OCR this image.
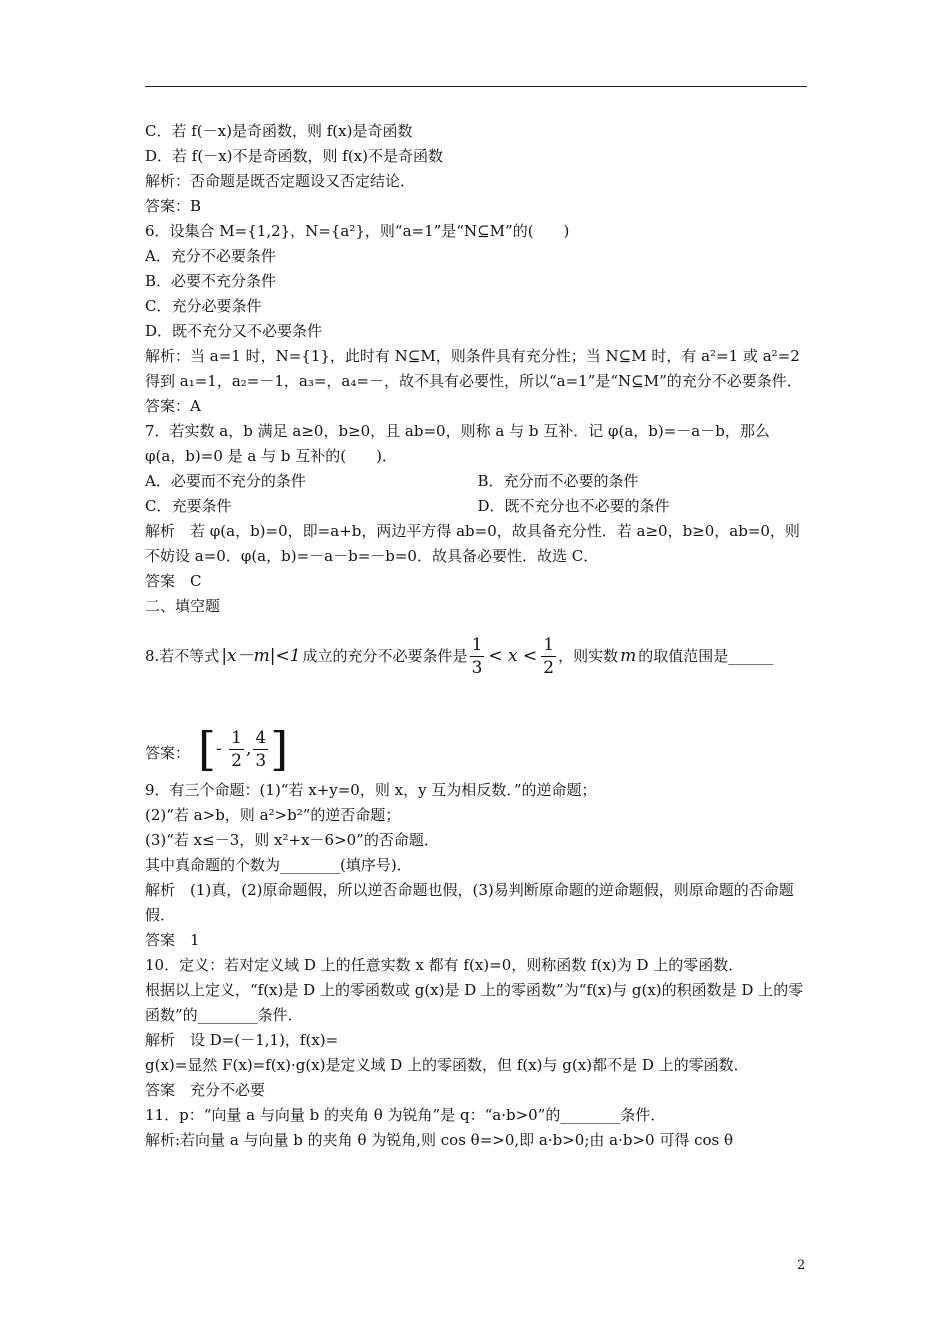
C．若 f(－x)是奇函数，则 f(x)是奇函数
D．若 f(－x)不是奇函数，则 f(x)不是奇函数
解析：否命题是既否定题设又否定结论．
答案：B
6．设集合 M={1,2}，N={a²}，则“a=1”是“N⊆M”的(　　)
A．充分不必要条件
B．必要不充分条件
C．充分必要条件
D．既不充分又不必要条件
解析：当 a=1 时，N={1}，此时有 N⊆M，则条件具有充分性；当 N⊆M 时，有 a²=1 或 a²=2 得到 a₁=1，a₂=－1，a₃=，a₄=－，故不具有必要性，所以“a=1”是“N⊆M”的充分不必要条件．
答案：A
7．若实数 a，b 满足 a≥0，b≥0，且 ab=0，则称 a 与 b 互补．记 φ(a，b)=－a－b，那么 φ(a，b)=0 是 a 与 b 互补的(　　)．
A．必要而不充分的条件	B．充分而不必要的条件
C．充要条件	D．既不充分也不必要的条件
解析　若 φ(a，b)=0，即=a+b，两边平方得 ab=0，故具备充分性．若 a≥0，b≥0，ab=0，则不妨设 a=0．φ(a，b)=－a－b=－b=0．故具备必要性．故选 C．
答案　C
二、填空题
8.若不等式 |x－m|<1 成立的充分不必要条件是 $\frac{1}{3} < x < \frac{1}{2}$ ，则实数 m 的取值范围是______
答案： [ - $\frac{1}{2}$ , $\frac{4}{3}$ ]
9．有三个命题：(1)“若 x+y=0，则 x，y 互为相反数．”的逆命题；
(2)“若 a>b，则 a²>b²”的逆否命题；
(3)“若 x≤－3，则 x²+x－6>0”的否命题．
其中真命题的个数为________(填序号)．
解析　(1)真，(2)原命题假，所以逆否命题也假，(3)易判断原命题的逆命题假，则原命题的否命题假．
答案　1
10．定义：若对定义域 D 上的任意实数 x 都有 f(x)=0，则称函数 f(x)为 D 上的零函数．
根据以上定义，“f(x)是 D 上的零函数或 g(x)是 D 上的零函数”为“f(x)与 g(x)的积函数是 D 上的零函数”的________条件．
解析　设 D=(－1,1)，f(x)=
g(x)=显然 F(x)=f(x)·g(x)是定义域 D 上的零函数，但 f(x)与 g(x)都不是 D 上的零函数．
答案　充分不必要
11．p：“向量 a 与向量 b 的夹角 θ 为锐角”是 q：“a·b>0”的________条件．
解析:若向量 a 与向量 b 的夹角 θ 为锐角,则 cos θ=>0,即 a·b>0;由 a·b>0 可得 cos θ
2
